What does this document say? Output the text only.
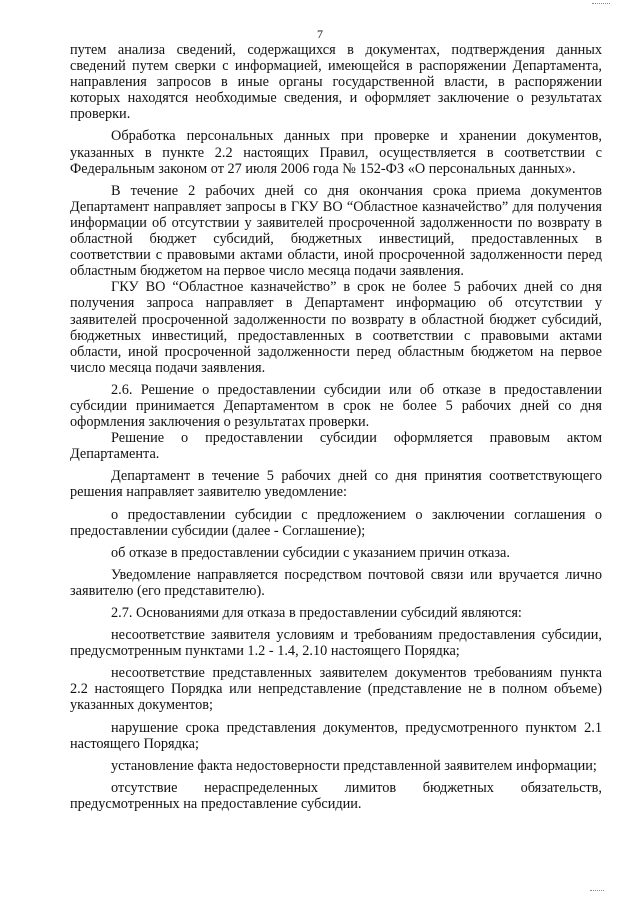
7

путем анализа сведений, содержащихся в документах, подтверждения данных сведений путем сверки с информацией, имеющейся в распоряжении Департамента, направления запросов в иные органы государственной власти, в распоряжении которых находятся необходимые сведения, и оформляет заключение о результатах проверки.

Обработка персональных данных при проверке и хранении документов, указанных в пункте 2.2 настоящих Правил, осуществляется в соответствии с Федеральным законом от 27 июля 2006 года № 152-ФЗ «О персональных данных».

В течение 2 рабочих дней со дня окончания срока приема документов Департамент направляет запросы в ГКУ ВО “Областное казначейство” для получения информации об отсутствии у заявителей просроченной задолженности по возврату в областной бюджет субсидий, бюджетных инвестиций, предоставленных в соответствии с правовыми актами области, иной просроченной задолженности перед областным бюджетом на первое число месяца подачи заявления.

ГКУ ВО “Областное казначейство” в срок не более 5 рабочих дней со дня получения запроса направляет в Департамент информацию об отсутствии у заявителей просроченной задолженности по возврату в областной бюджет субсидий, бюджетных инвестиций, предоставленных в соответствии с правовыми актами области, иной просроченной задолженности перед областным бюджетом на первое число месяца подачи заявления.

2.6. Решение о предоставлении субсидии или об отказе в предоставлении субсидии принимается Департаментом в срок не более 5 рабочих дней со дня оформления заключения о результатах проверки.

Решение о предоставлении субсидии оформляется правовым актом Департамента.

Департамент в течение 5 рабочих дней со дня принятия соответствующего решения направляет заявителю уведомление:

о предоставлении субсидии с предложением о заключении соглашения о предоставлении субсидии (далее - Соглашение);

об отказе в предоставлении субсидии с указанием причин отказа.

Уведомление направляется посредством почтовой связи или вручается лично заявителю (его представителю).

2.7. Основаниями для отказа в предоставлении субсидий являются:

несоответствие заявителя условиям и требованиям предоставления субсидии, предусмотренным пунктами 1.2 - 1.4, 2.10 настоящего Порядка;

несоответствие представленных заявителем документов требованиям пункта 2.2 настоящего Порядка или непредставление (представление не в полном объеме) указанных документов;

нарушение срока представления документов, предусмотренного пунктом 2.1 настоящего Порядка;

установление факта недостоверности представленной заявителем информации;

отсутствие нераспределенных лимитов бюджетных обязательств, предусмотренных на предоставление субсидии.
